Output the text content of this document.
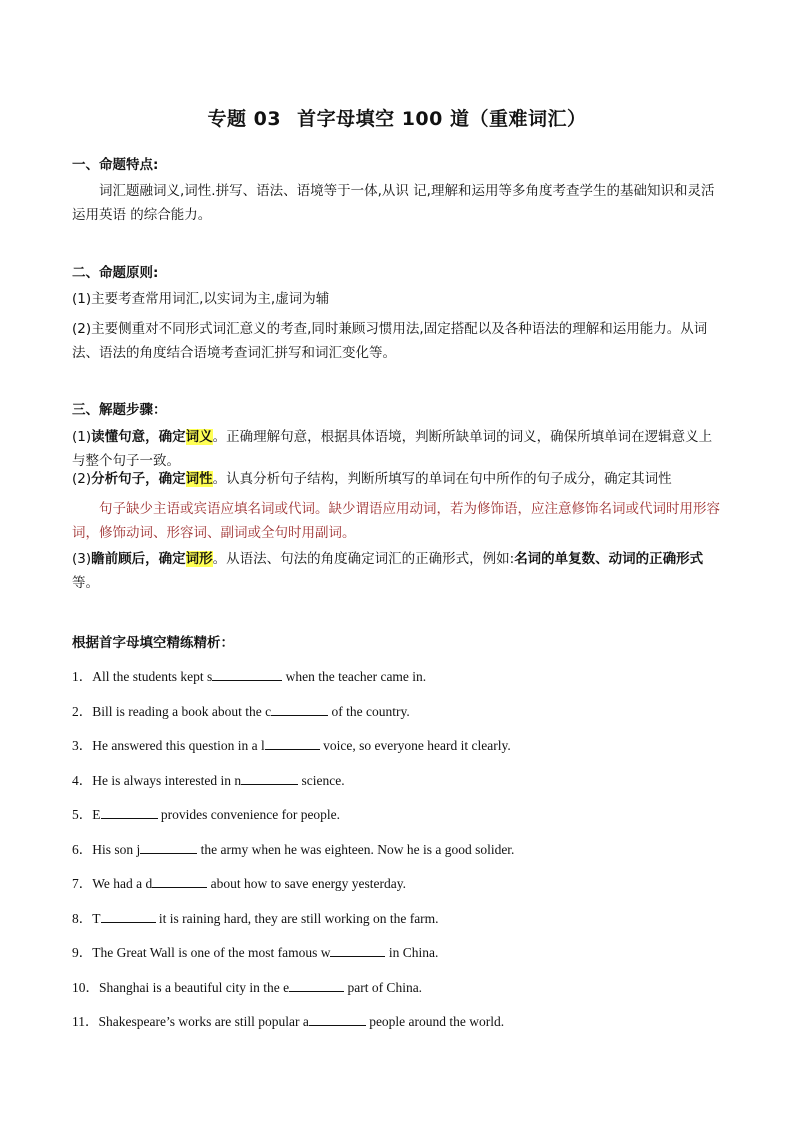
专题 03 首字母填空 100 道（重难词汇）
一、命题特点:
词汇题融词义,词性.拼写、语法、语境等于一体,从识 记,理解和运用等多角度考查学生的基础知识和灵活运用英语 的综合能力。
二、命题原则:
(1)主要考查常用词汇,以实词为主,虚词为辅
(2)主要侧重对不同形式词汇意义的考查,同时兼顾习惯用法,固定搭配以及各种语法的理解和运用能力。从词法、语法的角度结合语境考查词汇拼写和词汇变化等。
三、解题步骤：
(1)读懂句意，确定词义。正确理解句意，根据具体语境，判断所缺单词的词义，确保所填单词在逻辑意义上与整个句子一致。
(2)分析句子，确定词性。认真分析句子结构，判断所填写的单词在句中所作的句子成分，确定其词性
句子缺少主语或宾语应填名词或代词。缺少谓语应用动词，若为修饰语，应注意修饰名词或代词时用形容词，修饰动词、形容词、副词或全句时用副词。
(3)瞻前顾后，确定词形。从语法、句法的角度确定词汇的正确形式，例如:名词的单复数、动词的正确形式等。
根据首字母填空精练精析：
1．All the students kept s	when the teacher came in.
2．Bill is reading a book about the c	of the country.
3．He answered this question in a l	voice, so everyone heard it clearly.
4．He is always interested in n	science.
5．E	provides convenience for people.
6．His son j	the army when he was eighteen. Now he is a good solider.
7．We had a d	about how to save energy yesterday.
8．T	it is raining hard, they are still working on the farm.
9．The Great Wall is one of the most famous w	in China.
10．Shanghai is a beautiful city in the e	part of China.
11．Shakespeare’s works are still popular a	people around the world.
